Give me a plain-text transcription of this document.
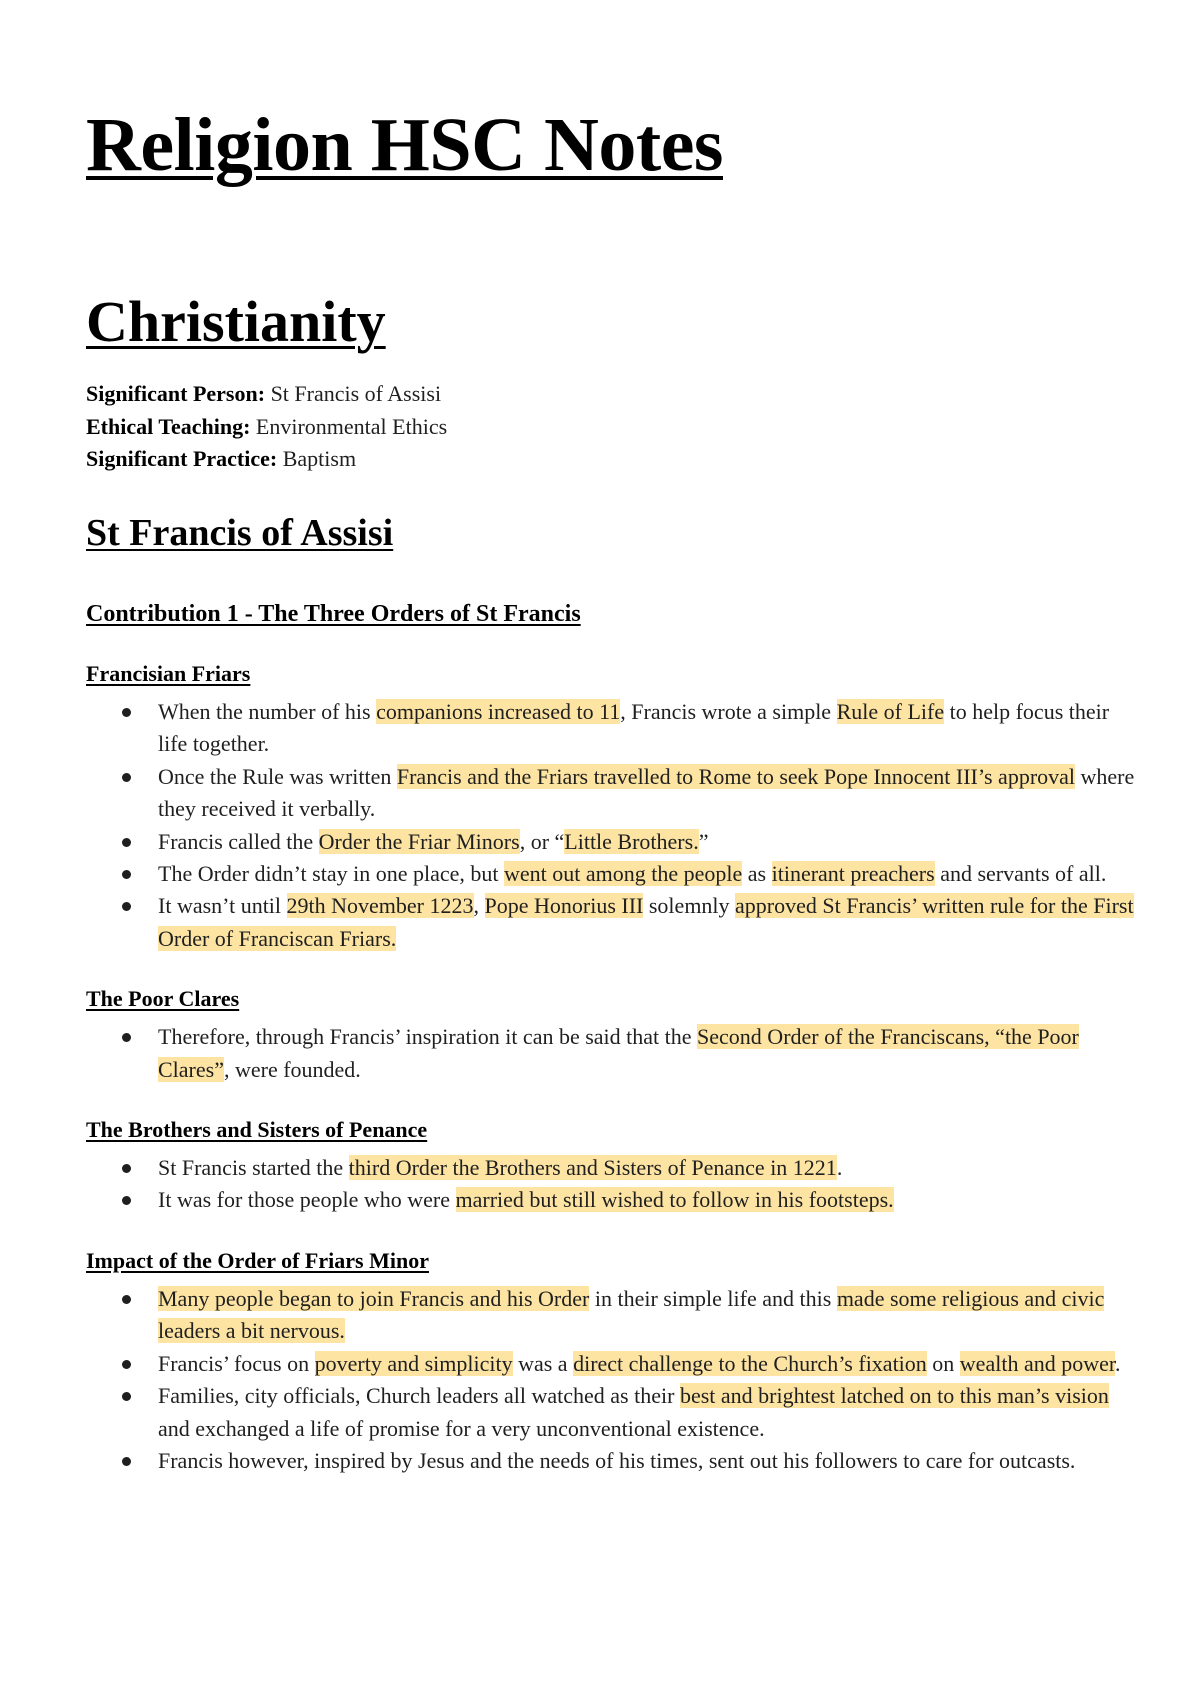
Religion HSC Notes
Christianity
Significant Person: St Francis of Assisi
Ethical Teaching: Environmental Ethics
Significant Practice: Baptism
St Francis of Assisi
Contribution 1 - The Three Orders of St Francis
Francisian Friars
When the number of his companions increased to 11, Francis wrote a simple Rule of Life to help focus their life together.
Once the Rule was written Francis and the Friars travelled to Rome to seek Pope Innocent III’s approval where they received it verbally.
Francis called the Order the Friar Minors, or “Little Brothers.”
The Order didn’t stay in one place, but went out among the people as itinerant preachers and servants of all.
It wasn’t until 29th November 1223, Pope Honorius III solemnly approved St Francis’ written rule for the First Order of Franciscan Friars.
The Poor Clares
Therefore, through Francis’ inspiration it can be said that the Second Order of the Franciscans, “the Poor Clares”, were founded.
The Brothers and Sisters of Penance
St Francis started the third Order the Brothers and Sisters of Penance in 1221.
It was for those people who were married but still wished to follow in his footsteps.
Impact of the Order of Friars Minor
Many people began to join Francis and his Order in their simple life and this made some religious and civic leaders a bit nervous.
Francis’ focus on poverty and simplicity was a direct challenge to the Church’s fixation on wealth and power.
Families, city officials, Church leaders all watched as their best and brightest latched on to this man’s vision and exchanged a life of promise for a very unconventional existence.
Francis however, inspired by Jesus and the needs of his times, sent out his followers to care for outcasts.
